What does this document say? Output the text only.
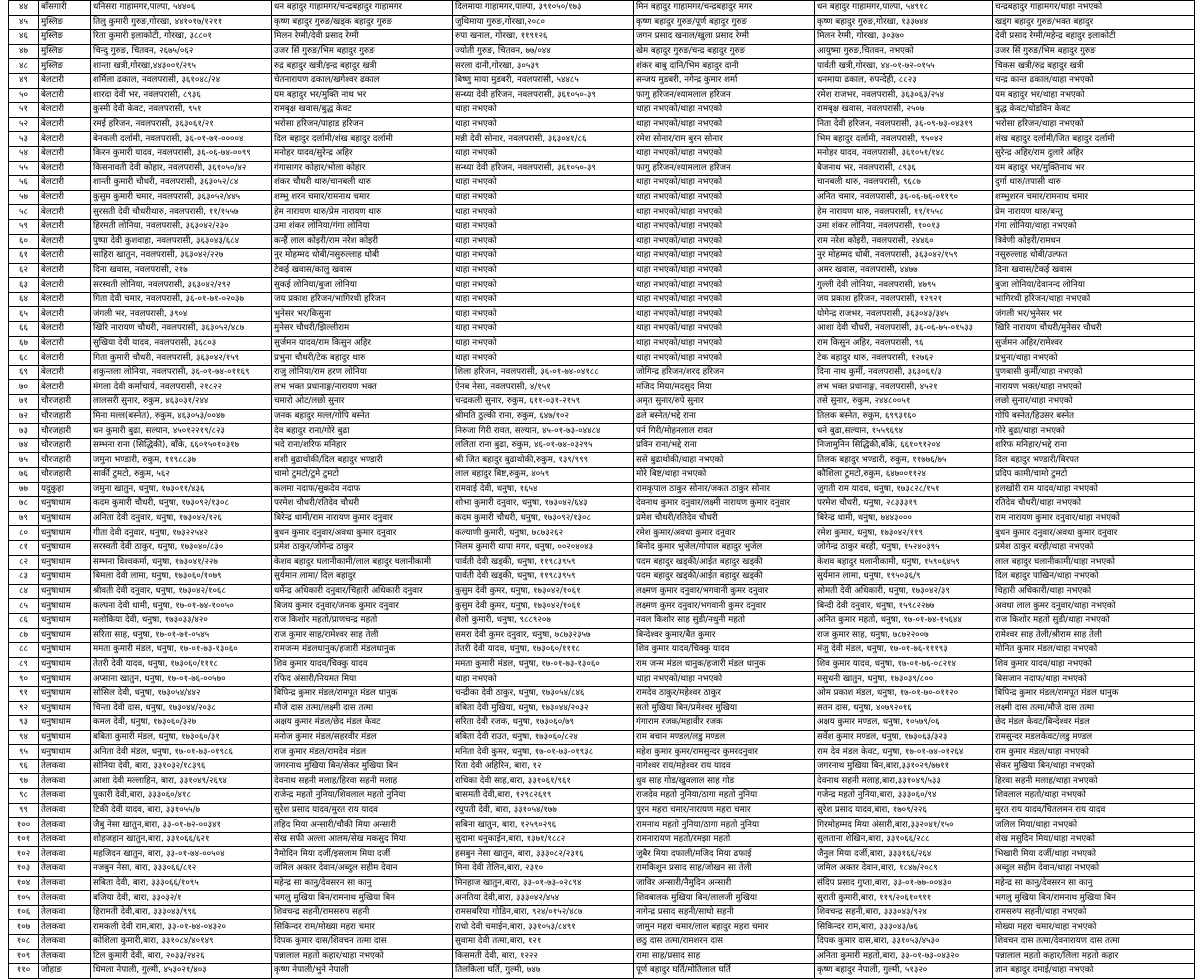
४४	बाँसगारी	धनिसरा गाहामगर,पाल्पा, ५४४०६	धन बहादुर गाहामगर/चन्द्रबहादुर गाहामगर	दिलमाया गाहामगर,पाल्पा, ३९१०५०/१७३	मिन बहादुर गाहामगर/चन्द्रबहादुर मगर	धन बहादुर गाहामगर,पाल्पा, ५४९१८	चन्द्रबहादुर गाहामगर/थाहा नभएको
४५	मुस्लिङ	तिलु कुमारी गुरुङ,गोरखा, ४४१०१७/१२११	कृष्ण बहादुर गुरुङ/खड्क बहादुर गुरुङ	जुथिमाया गुरुङ,गोरखा,२०८०	कृष्ण बहादुर गुरुङ/पूर्ण बहादुर गुरुङ	कृष्ण बहादुर गुरुङ,गोरखा, १३३७४४	खड्ग बहादुर गुरुङ/भक्त बहादुर
४६	मुस्लिङ	रिता कुमारी इलाकोटी, गोरखा, ३८८०१	मिलन रेग्मी/देवी प्रसाद रेग्मी	रुपा खनाल, गोरखा, ११९१२६	जगन प्रसाद खनाल/खुला प्रसाद रेग्मी	मिलन रेग्मी, गोरखा, ३०३७०	देवी प्रसाद रेग्मी/महेन्द्र बहादुर इलाकोटी
४७	मुस्लिङ	चिन्दु गुरुङ, चितवन, २६७५/०६२	उजर सिं गुरुङ/भिम बहादुर गुरुङ	ज्योती गुरुङ, चितवन, ७७/०४४	खेम बहादुर गुरुङ/चन्द्र बहादुर गुरुङ	आयुष्मा गुरुङ,चितवन, नभएको	उजर सिं गुरुङ/भिम बहादुर गुरुङ
४८	मुस्लिङ	शान्ता खत्री,गोरखा,४४३००१/२९५	रुद्र बहादुर खत्री/इन्द्र बहादुर खत्री	सरला दानी,गोरखा, ३०५३९	शंकर बाबु दानि/भिम बहादुर दानी	पार्वती खत्री,गोरखा, ४४-०१-७२-०१५५	चिकस खत्री/रुद्र बहादुर खत्री
४९	बेलटारी	शर्मिला ढकाल, नवलपरासी, ३६१०४८/२४	चेतनारायण ढकाल/खगेश्वर ढकाल	बिष्णु माया मुडबरी, नवलपरासी, ५४४८५	सन्जय मुडबरी, नगेन्द्र कुमार शर्मा	धनमाया ढकाल, रुपन्देही, ८८२३	चन्द्र कान्त ढकाल/थाहा नभएको
५०	बेलटारी	शारदा देवी भर, नवलपरासी, ८९३६	यम बहादुर भर/मुक्ति नाथ भर	सन्ध्या देवी हरिजन, नवलपरासी, ३६१०५०-३९	फागु हरिजन/श्यामलाल हरिजन	रमेश राजभर, नवलपरासी, ३६३०६३/२५४	यम बहादुर भर/थाहा नभएको
५१	बेलटारी	कुस्मी देवी केवट, नवलपरासी, ९५१	रामबृक्ष खवास/बुद्ध केवट	थाहा नभएको	थाहा नभएको/थाहा नभएको	रामबृक्ष खवास, नवलपरासी, २५०७	बुद्ध केवट/घोडविन केवट
५२	बेलटारी	रमई हरिजन, नवलपरासी, ३६३०६१/२१	भरोसा हरिजन/पाहाड हरिजन	थाहा नभएको	थाहा नभएको/थाहा नभएको	निता देवी हरिजन, नवलपरासी, ३६-०९-७३-०४३१९	भरोसा हरिजन/थाहा नभएको
५३	बेलटारी	बेनकली दर्लामी, नवलपरासी, ३६-०१-७१-००००४	दिल बहादुर दर्लामी/शंख बहादुर दर्लामी	मन्नी देवी सोनार, नवलपरासी, ३६३०४१/८६	रमेश सोनार/राम बुरन सोनार	भिम बहादुर दर्लामी, नवलपरासी, ९५०४२	शंख बहादुर दर्लामी/जित बहादुर दर्लामी
५४	बेलटारी	किरन कुमारी यादव, नवलपरासी, ३६-०६-७४-००९९	मनोहर यादव/सुरेन्द्र अहिर	थाहा नभएको	थाहा नभएको/थाहा नभएको	मनोहर यादव, नवलपरासी, ३६१०५१/१४८	सुरेन्द्र अहिर/राम दुलारे अहिर
५५	बेलटारी	किसनावती देवी कोहार, नवलपरासी, ३६१०५०/४२	गंगासागर कोहार/भोला कोहार	सन्ध्या देवी हरिजन, नवलपरासी, ३६१०५०-३९	फागु हरिजन/श्यामलाल हरिजन	बैजनाथ भर, नवलपरासी, ८९३६	यम बहादुर भर/मुक्तिनाथ भर
५६	बेलटारी	शान्ती कुमारी चौधरी, नवलपरासी, ३६३०५२/८४	शंकर चौधरी थारु/चानबली थारु	थाहा नभएको	थाहा नभएको/थाहा नभएको	चानबली थारु, नवलपरासी, ९६८७	दुर्गा थारु/तपासी थारु
५७	बेलटारी	कुसुम कुमारी चमार, नवलपरासी, ३६३०५२/४४५	शम्भु शरन चमार/रामनाथ चमार	थाहा नभएको	थाहा नभएको/थाहा नभएको	अनित चमार, नवलपरासी, ३६-०६-७६-०११९०	शम्भुशरन चमार/रामनाथ चमार
५८	बेलटारी	सुरसती देवी चौधरीथारु, नवलपरासी, ११/१५५७	हेम नारायण थारु/प्रेम नारायण थारु	थाहा नभएको	थाहा नभएको/थाहा नभएको	हेम नारायण थारु, नवलपरासी, ११/१५५८	प्रेम नारायण थारु/बन्तु
५९	बेलटारी	हिरमती लोनिया, नवलपरासी, ३६३०४२/२३०	उमा शंकर लोनिया/गंगा लोनिया	थाहा नभएको	थाहा नभएको/थाहा नभएको	उमा शंकर लोनिया, नवलपरासी, १००१३	गंगा लोनिया/थाहा नभएको
६०	बेलटारी	पुष्पा देवी कुशवाहा, नवलपरासी, ३६३०४३/६८४	कन्हैं लाल कोइरी/राम नरेश कोइरी	थाहा नभएको	थाहा नभएको/थाहा नभएको	राम नरेश कोइरी, नवलपरासी, २४४६०	त्रिवेणी कोइरी/रामधन
६१	बेलटारी	साहिरा खातुन, नवलपरासी, ३६३०४२/२२७	नुर मोहम्मद धोबी/नसुरुल्लाह धोबी	थाहा नभएको	थाहा नभएको/थाहा नभएको	नुर मोहम्मद धोबी, नवलपरासी, ३६३०४२/१५९	नसुरुल्लाह धोबी/उल्फत
६२	बेलटारी	दिना खवास, नवलपरासी, २१७	टेकई खवास/कालु खवास	थाहा नभएको	थाहा नभएको/थाहा नभएको	अमर खवास, नवलपरासी, ४४७७	दिना खवास/टेकई खवास
६३	बेलटारी	सरस्वती लोनिया, नवलपरासी, ३६३०४२/२९२	सुकई लोनिया/बुजा लोनिया	थाहा नभएको	थाहा नभएको/थाहा नभएको	गुल्ली देवी लोनिया, नवलपरासी, ४७९५	बुजा लोनिया/देवानन्द लोनिया
६४	बेलटारी	गिता देवी चमार, नवलपरासी, ३६-०१-७१-०२०३७	जय प्रकाश हरिजन/भागिरथी हरिजन	थाहा नभएको	थाहा नभएको/थाहा नभएको	जय प्रकाश हरिजन, नवलपरासी, १२९२१	भागिरथी हरिजन/थाहा नभएको
६५	बेलटारी	जंगली भर, नवलपरासी, ३९०४	भुनेसर भर/किसुना	थाहा नभएको	थाहा नभएको/थाहा नभएको	योगेन्द्र राजभर, नवलपरासी, ३६३०४३/३४५	जंगली भर/भुनेसर भर
६६	बेलटारी	खिरि नारायण चौधरी, नवलपरासी, ३६३०५२/४८७	मुनेसर चौधरी/झिल्लीराम	थाहा नभएको	थाहा नभएको/थाहा नभएको	आशा देवी चौधरी, नवलपरासी, ३६-०६-७५-०१५३३	खिरि नारायण चौधरी/मुनेसर चौधरी
६७	बेलटारी	सुखिया देवी यादव, नवलपरासी, ३६८०३	सुर्जमन यादव/राम किसुन अहिर	थाहा नभएको	थाहा नभएको/थाहा नभएको	राम किसुन अहिर, नवलपरासी, ९६	सुर्जमन अहिर/रामेश्वर
६८	बेलटारी	गिता कुमारी चौधरी, नवलपरासी, ३६३०४२/१५९	प्रभुना चौधरी/टेक बहादुर थारु	थाहा नभएको	थाहा नभएको/थाहा नभएको	टेक बहादुर थारु, नवलपरासी, १२७६२	प्रभुना/थाहा नभएको
६९	बेलटारी	शकुन्तला लोनिया, नवलपरासी, ३६-०१-७४-०११६९	राजु लोनिया/राम हरण लोनिया	शिला हरिजन, नवलपरासी, ३६-०१-७४-०४१८८	जोगिन्द्र हरिजन/शरद हरिजन	दिना नाथ कुर्मी, नवलपरासी, ३६३०६१/३	पुणबासी कुर्मी/थाहा नभएको
७०	बेलटारी	मंगला देवी कर्माचार्य, नवलपरासी, २१८२२	लभ भक्त प्रधानाङ्ग/नारायण भक्त	ऐनब नेसा, नवलपरासी, ४/१५१	मजिद मिया/मदसुद मिया	लभ भक्त प्रधानाङ्ग, नवलपरासी, ४५२१	नारायण भक्त/थाहा नभएको
७१	चौरजहारी	लालसरी सुनार, रुकुम, ४६३०३१/२४४	चमारो ओट/लछो सुनार	चन्द्रकली सुनार, रुकुम, ६११-०३१-२१५९	अमृत सुनार/रुपे सुनार	तसे सुनार, रुकुम, २४४८००५१	लछो सुनार/थाहा नभएको
७२	चौरजहारी	मिना मल्ल(बस्नेत), रुकुम, ४६३०५३/००४७	जनक बहादुर मल्ल/गोपि बस्नेत	श्रीमति ठुल्की राना, रुकुम, ६४७/१०२	ढले बस्नेत/भद्दे राना	तिलक बस्नेत, रुकुम, ६९९३१६०	गोपि बस्नेत/हिउसर बस्नेत
७३	चौरजहारी	धन कुमारी बुढा, सल्यान, ४५०१२२१९/८२३	देव बहादुर राना/गोरे बुढा	निरुजा गिरी रावत, सल्यान, ४५-०१-७३-०४४८४	पर्न गिरी/मोहनलाल रावत	धने बुढा,सल्यान, १५५९६९४	गोरे बुढा/थाहा नभएको
७४	चौरजहारी	सम्भना राना (सिद्धिकी), बाँके, ६६०१५०१०३१७	भदे राना/शरिफ मनिहार	ललिता राना बुढा, रुकुम, ४६-०१-७४-०३२९५	प्रविन राना/भद्दे राना	निजामुनिन सिद्धिकी,बाँके, ६६१०९१२०४	शरिफ मनिहार/भद्दे राना
७५	चौरजहारी	जमुना भण्डारी, रुकुम, ११९८८३७	शशी बुढाथोकी/दिल बहादुर भण्डारी	श्री जित बहादुर बुढाथोकी,रुकुम, १३९/९९९	ससे बुढाथोकी/थाहा नभएको	तिलक बहादुर भण्डारी, रुकुम, ११७७६/७५	दिल बहादुर भण्डारी/बिरपत
७६	चौरजहारी	सार्की टुमटो, रुकुम, ५६२	चामो टुमटो/टुमे टुमटो	लाल बहादुर बिष्ट,रुकुम, ४०५९	मोरे बिष्ट/थाहा नभएको	कौशिला टुमटो,रुकुम, ६४७००११२४	प्रदिप कामी/चामो टुमटो
७७	यदुकुहा	जमुना खातुन, धनुषा, १७३०११/४३६	कलमा नदाफ/सुकदेव नदाफ	रामवाई देवी, धनुषा, १६५४	रामकृपाल ठाकुर सोनार/जकत ठाकुर सोनार	जुगती राम यादव, धनुषा, १७३८२८/१५१	हलखोरी राम यादव/थाहा नभएको
७८	धनुषाधाम	कदम कुमारी चौधरी, धनुषा, १७३०९२/१३०८	परमेश चौधरी/रतिदेव चौधरी	शोभा कुमारी दनुवार, धनुषा, १७३०४२/६४३	देवनाथ कुमार दनुवार/लक्ष्मी नारायण कुमार दनुवार	परमेश चौधरी, धनुषा, २८३३३१९	रतिदेव चौधरी/थाहा नभएको
७९	धनुषाधाम	अनिता देवी दनुवार, धनुषा, १७३०४२/१२६	बिरेन्द्र धामी/राम नारायण कुमार दनुवार	कदम कुमारी चौधरी, धनुषा, १७३०९२/१३०८	प्रमेश चौधरी/रतिदेव चौधरी	बिरेन्द्र धामी, धनुषा, ७४४३०००	राम नारायण कुमार दनुवार/थाहा नभएको
८०	धनुषाधाम	गीता देवी दनुवार, धनुषा, १७३२२५४२	बुधन कुमार दनुवार/अवधा कुमार दनुवार	कल्याणी कुमारी, धनुषा, ७८७३२६२	रमेश कुमार/अवधा कुमार दनुवार	रमेश कुमार, धनुषा, १७३०४२/११९	बुधन कुमार दनुवार/अवधा कुमार दनुवार
८१	धनुषाधाम	सरस्वती देवी ठाकुर, धनुषा, १७३०४०/८३०	प्रमेश ठाकुर/जोगेन्द्र ठाकुर	निलम कुमारी थापा मगर, धनुषा, ००२०४०४३	बिनोद कुमार भुजेल/गोपाल बहादुर भुजेल	जोगेन्द्र ठाकुर बरही, धनुषा, १५२४०३९५	प्रमेश ठाकुर बरही/थाहा नभएको
८२	धनुषाधाम	सम्भना विश्वकर्मा, धनुषा, १७३०४१/२२७	केशव बहादुर घलानीकामी/लाल बहादुर घलानीकामी	पार्वती देवी खड्की, धनुषा, ११९८३९५९	पदम बहादुर खड्की/आईत बहादुर खड्की	केशव बहादुर घलानीकामी, धनुषा, १५९०६४५९	लाल बहादुर घलानीकामी/थाहा नभएको
८३	धनुषाधाम	बिमला देवी लामा, धनुषा, १७३०६०/१०७९	सुर्यमान लामा/ दिल बहादुर	पार्वती देवी खड्की, धनुषा, ११९८३९५९	पदम बहादुर खड्की/आईत बहादुर खड्की	सुर्यमान लामा, धनुषा, १९५०३६/९	दिल बहादुर पाखिन/थाहा नभएको
८४	धनुषाधाम	श्रीवती देवी दनुवार, धनुषा, १७३०४२/१०६८	धर्मेन्द्र अधिकारी दनुवार/चिहारी अधिकारी दनुवार	कुसुम देवी कुमर, धनुषा, १७३०४२/१०६१	लक्ष्मण कुमार दनुवार/भगवानी कुमर दनुवार	सोमती देवी अधिकारी, धनुषा, १७३०४२/३९	चिहारी अधिकारी/थाहा नभएको
८५	धनुषाधाम	कल्पना देवी धामी, धनुषा, १७-०१-७४-१००५०	बिजय कुमार दनुवार/जनक कुमार दनुवार	कुसुम देवी कुमर, धनुषा, १७३०४२/१०६१	लक्ष्मण कुमर दनुवार/भगवानी कुमर दनुवार	बिन्दी देवी दनुवार, धनुषा, १५९८२२७७	अवधा लाल कुमर दनुवार/थाहा नभएको
८६	धनुषाधाम	मलोकिया देवी, धनुषा, १७३०३३/४२०	राज किशोर महतो/प्राणचन्द्र महतो	शैलो कुमारी, धनुषा, ९८८९२०७	नवल किशोर साह सुडी/नथुनी महतो	अनित कुमार महतो, धनुषा, १७-०१-७४-१५६४४	राज किशोर महतो सुडी/थाहा नभएको
८७	धनुषाधाम	सरिता साह, धनुषा, १७-०१-७१-०५४५	राज कुमार साह/रामेश्वर साह तेली	समरा देवी कुमर दनुवार, धनुषा, ७८७३२३५७	बिन्देश्वर कुमार/बैत कुमार	राज कुमार साह, धनुषा, ७८७२२००७	रामेश्वर साह तेली/श्रीराम साह तेली
८८	धनुषाधाम	ममता कुमारी मंडल, धनुषा, १७-०१-७३-१३०६०	रामजन्म मंडलधानुक/हजारी मंडलधानुक	तेतरी देवी यादव, धनुषा, १७३०६०/१११८	शिव कुमार यादव/चिक्कु यादव	मंजु देवी मंडल, धनुषा, १७-०१-७६-१११९३	मोनित कुमार मंडल/थाहा नभएको
८९	धनुषाधाम	तेतरी देवी यादव, धनुषा, १७३०६०/१११८	शिव कुमार यादव/चिक्कु यादव	ममता कुमारी मंडल, धनुषा, १७-०१-७३-१३०६०	राम जन्म मंडल धानुक/हजारी मंडल धानुक	शिव कुमार यादव, धनुषा, १७-०१-७६-०८२१४	शिव कुमार यादव/थाहा नभएको
९०	धनुषाधाम	अप्साना खातुन, धनुषा, १७-०१-७६-००५७०	रफिद अंसारी/नियमत मिया	थाहा नभएको	थाहा नभएको/थाहा नभएको	मसुधनी खातुन, धनुषा, १७३०३९/८००	बिसजान नदाफ/थाहा नभएको
९१	धनुषाधाम	सोसिल देवी, धनुषा, १७३०५४/४४२	बिपिन्द्र कुमार मंडल/रामपूत मंडल धानुक	चन्द्रीका देवी ठाकुर, धनुषा, १७३०५४/८४६	रामदेव ठाकुर/महेश्वर ठाकुर	ओम प्रकाश मंडल, धनुषा, १७-०१-७०-०११२०	बिपिन्द्र कुमार मंडल/रामपूत मंडल धानुक
९२	धनुषाधाम	चिन्ता देवी दास, धनुषा, १७३०४४/२०३८	मौजे दास तत्मा/लक्ष्मी दास तत्मा	बबिता देवी मुखिया, धनुषा, १७३०४४/२०३२	सतो मुखिया बिन/प्रमेश्वर मुखिया	सतन दास, धनुषा, ४०७९२०१६	लक्ष्मी दास तत्मा/मौजे दास तत्मा
९३	धनुषाधाम	कमल देवी, धनुषा, १७३०६०/३२७	अक्षय कुमार मंडल/छेद मंडल केवट	सरिता देवी रजक, धनुषा, १७३०६०/७९	गंगाराम रजक/महावीर रजक	अक्षय कुमार मण्डल, धनुषा, १०५७९/०६	छेद मंडल केवट/बिन्देश्वर मंडल
९४	धनुषाधाम	बबिता कुमारी मंडल, धनुषा, १७३०६०/३१	मनोज कुमार मंडल/सहरवीर मंडल	बबिता देवी राउत, धनुषा, १७३०६०/८२४	राम बचान मण्डल/लडु मण्डल	सर्वेश कुमार मण्डल, धनुषा, १७३०६३/३२३	रामसुन्दर मडलकेवट/लडु मण्डल
९५	धनुषाधाम	अनिता देवी मंडल, धनुषा, १७-०१-७३-०१९८६	राज कुमार मंडल/रामदेव मंडल	मनिता देवी कुमर, धनुषा, १७-०१-७३-०१९३८	महेश कुमार कुमर/रामसुन्दर कुमरदनुवार	राम देव मंडल केवट, धनुषा, १७-०१-७४-०१२६४	राम कुमार मंडल/थाहा नभएको
९६	तेलकवा	सोनिया देवी, बारा, ३३१०३२/१८३९६	जगरनाथ मुखिया बिन/सेकर मुखिया बिन	रिता देवी अहिरिन, बारा, १२	नागेश्वर राय/महेश्वर राय यादव	जगरनाथ मुखिया बिन,बारा,३३१०२९/७७११	सेकर मुखिया बिन/थाहा नभएको
९७	तेलकवा	आशा देवी मल्लाहिन, बारा, ३३१०४९/२६९४	देवनाथ सहनी मलाह/हिरवा सहनी मलाह	राधिका देवी साह,बारा, ३३१०६१/९६१	धुव साह गोड/खुवलाल साह गोड	देवनाथ सहनी मलाह,बारा,३३१०४९/५३३	हिरवा सहनी मलाह/थाहा नभएको
९८	तेलकवा	पुकारी देवी,बारा, ३३३०६०/४१८	राजेन्द्र महतो नुनिया/शिवलाल महतो नुनिया	बासमती देवी,बारा, १२९८२६१९	राजदेव महतो नुनिया/ठागा महतो नुनिया	गजेन्द्र महतो नुनिया,बारा, ३३३०६०/९४	शिवलाल महतो/थाहा नभएको
९९	तेलकवा	टिकी देवी यादव, बारा, ३३१०५५/७	सुरेश प्रसाद यादव/मुरत राय यादव	रघुपती देवी, बारा, ३३१०५४/१७७	पुरन महरा चमार/नारायण महरा चमार	सुरेश प्रसाद यादव,बारा, १७०९/२२६	मुरत राय यादव/चितलमन राय यादव
१००	तेलकवा	जैबु नेसा खातुन,बारा, ३३-०१-७२-००३४१	तहिद मिया अन्सारी/चौकी मिया अन्सारी	सबिना खातुन, बारा, १२५९०२९६	रामनाथ महतो नुनिया/ठागा महतो नुनिया	गिरमोहम्मद मिया अंसारी,बारा,३३२०४१/१५०	जलिल मिया/थाहा नभएको
१०१	तेलकवा	शोहजहान खातुन,बारा, ३३१०६६/६२१	सेख सफी अल्ला आलम/सेख मकसुद मिया	सुदामा धनुकाईन,बारा, १३७१/१८८२	रामनारायण महतो/रमझा महतो	सुलताना शेखिन,बारा, ३३१०६६/२८८	शेख मसुदिन मिया/थाहा नभएको
१०२	तेलकवा	महजिदन खातुन, बारा, ३३-०१-७४-००५०४	नैमोदिन मिया दर्जी/इसलाम मिया दर्जी	हसबुन नेसा खातुन, बारा, ३३३०८२/२३१६	जुबैर मिया दफाली/मजिद मिया ढफाई	जैनुल मिया दर्जी,बारा, ३३३१६६/२६४	भिखारी मिया दर्जी/थाहा नभएको
१०३	तेलकवा	नजबुन नेसा, बारा, ३३३०६६/८१२	जमिल अक्तर देवान/अब्दुल सहीम देवान	मिना देवी तेलिन,बारा, २३१०	रामकिशुन प्रसाद साह/जोखन सा तेली	जमिल अक्तर देवान,बारा, १८४७/२०८९	अब्दुल सहीम देवान/थाहा नभएको
१०४	तेलकवा	सबिता देवी, बारा, ३३३०६६/१०९५	महेन्द्र सा कानु/देवसरन सा कानु	मिनहाज खातुन,बारा, ३३-०१-७३-०२८९४	जाविर अन्सारी/नैमुदिन अन्सारी	संदिप प्रसाद गुप्ता,बारा, ३३-०१-७७-००४३०	महेन्द्र सा कानु/देवसरन सा कानु
१०५	तेलकवा	बजिया देवी, बारा, ३३०३२/१	भगलु मुखिया बिन/रामनाथ मुखिया बिन	अनतिया देवी,बारा, ३३३०४२/४५४	शिवबालक मुखिया बिन/लालजी मुखिया	सुराती कुमारी,बारा, ११९/२०६१०९११	भगलु मुखिया बिन/रामनाथ मुखिया बिन
१०६	तेलकवा	हिरामती देवी,बारा, ३३३०४३/९९६	शिवचन्द्र सहनी/रामसरुप सहनी	रामसबरिया गोडिन,बारा, ९२४/०१५२/४८७	नागेन्द्र प्रसाद सहनी/साघो सहनी	शिवचन्द्र सहनी,बारा, ३३३०४३/९२४	रामसरुप सहनी/थाहा नभएको
१०७	तेलकवा	रामकली देवी राम,बारा, ३३-०१-७४-०४३२०	सिकिन्दर राम/मोख्या महरा चमार	राधो देवी चमाईन,बारा, ३३१०५३/८४९१	जामुन महरा चमार/लाल बहादुर महरा चमार	सिकिन्दर राम,बारा, ३३३०४३/७६	मोख्या महरा चमार/थाहा नभएको
१०८	तेलकवा	कोशिला कुमारी,बारा, ३३१०८४/४०१४९	दिपक कुमार दास/शिवचन तत्मा दास	सुवामा देवी तत्मा,बारा, १२१	छठु दास तत्मा/रामशरन दास	दिपक कुमार दास,बारा, ३३१०५३/४५३०	शिवचन दास तत्मा/देवनारायण दास तत्मा
१०९	तेलकवा	टिल कुमारी देवी, बारा, २०३३/२४२६	पन्नालाल महतो कहार/थाहा नभएको	किसमती देवी, बारा, १२२२	रामा साह/प्रसाद साह	अनिता कुमारी महतो,बारा, ३३-०१-७३-०४३२०	पन्नालाल महतो कहार/लिला महतो कहार
११०	जोहाङ	धिमला नेपाली, गुल्मी, ४५३०२१/४०३	कृष्ण नेपाली/भुने नेपाली	तिलकिला घर्ति, गुल्मी, ७४७	पूर्ण बहादुर घर्ति/मोतिलाल घर्ति	कृष्ण बहादुर नेपाली, गुल्मी, ५१३२०	ज्ञान बहादुर दमाई/थाहा नभएको
